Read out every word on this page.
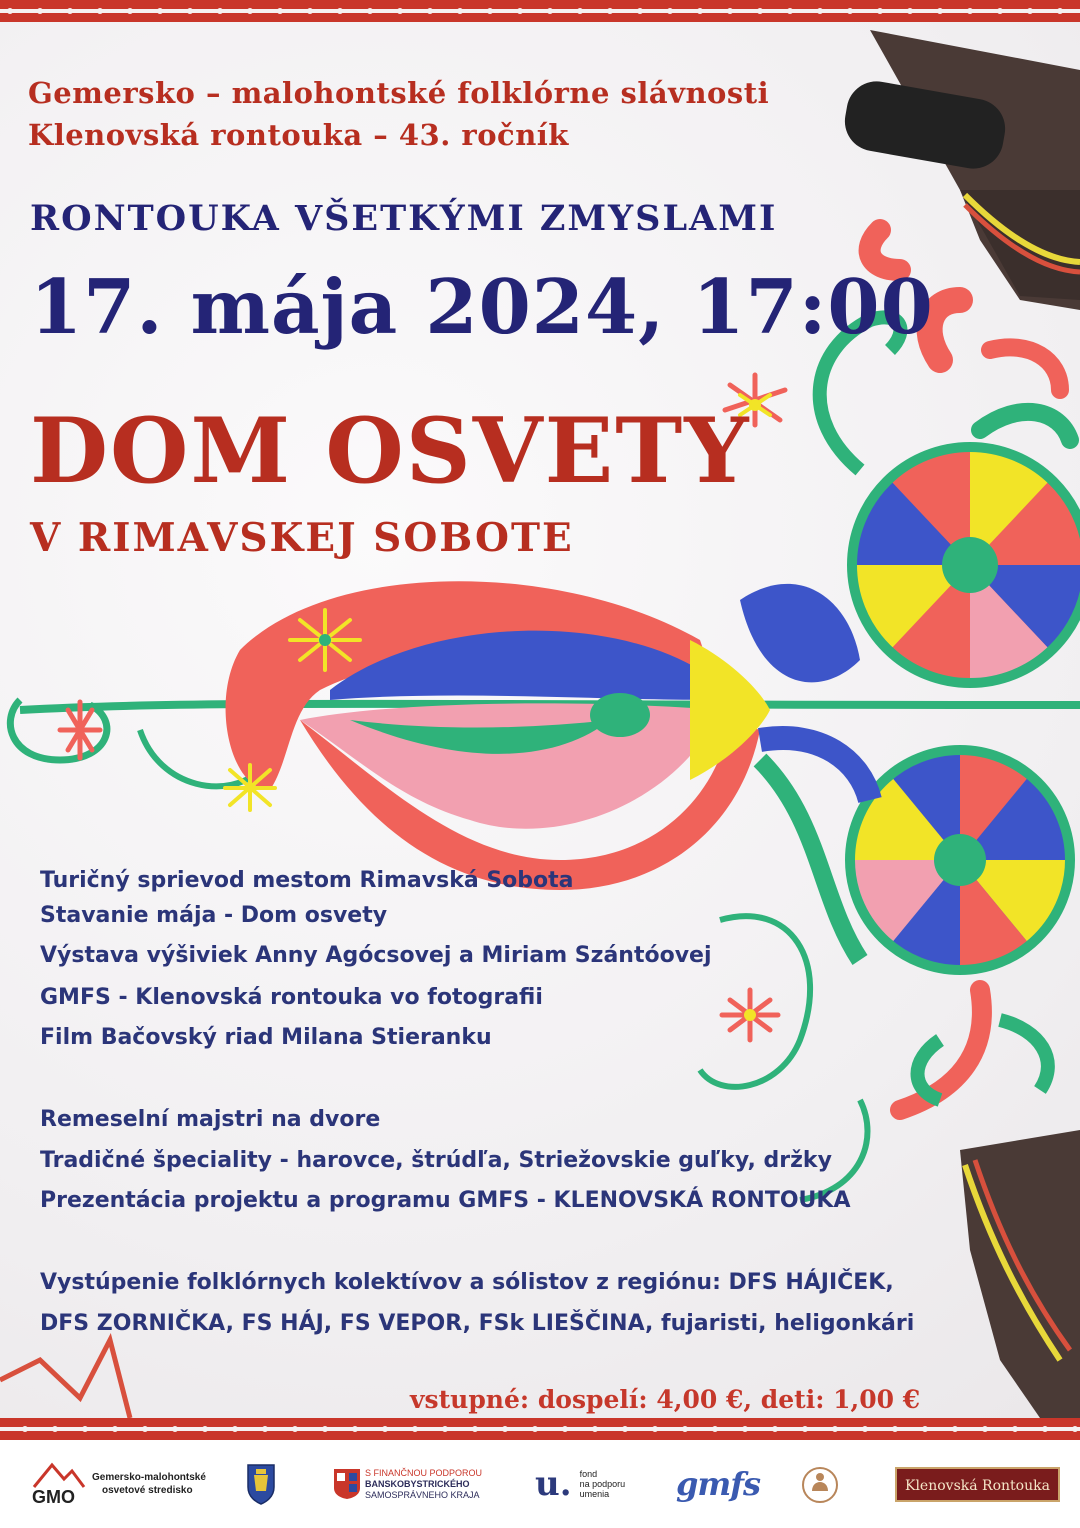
Gemersko – malohontské folklórne slávnosti

Klenovská rontouka – 43. ročník

RONTOUKA VŠETKÝMI ZMYSLAMI

17. mája 2024, 17:00

DOM OSVETY

V RIMAVSKEJ SOBOTE

Turičný sprievod mestom Rimavská Sobota

Stavanie mája - Dom osvety

Výstava výšiviek Anny Agócsovej a Miriam Szántóovej

GMFS - Klenovská rontouka vo fotografii

Film Bačovský riad Milana Stieranku

Remeselní majstri na dvore

Tradičné špeciality - harovce, štrúdľa, Striežovskie guľky, držky

Prezentácia projektu a programu GMFS - KLENOVSKÁ RONTOUKA

Vystúpenie folklórnych kolektívov a sólistov z regiónu: DFS HÁJIČEK,

DFS ZORNIČKA, FS HÁJ, FS VEPOR, FSk LIEŠČINA, fujaristi, heligonkári

vstupné: dospelí: 4,00 €, deti: 1,00 €

GMO
Gemersko-malohontské
osvetové stredisko
S FINANČNOU PODPOROU
BANSKOBYSTRICKÉHO
SAMOSPRÁVNEHO KRAJA u. fond
na podporu
umenia	gmfs	Klenovská Rontouka
